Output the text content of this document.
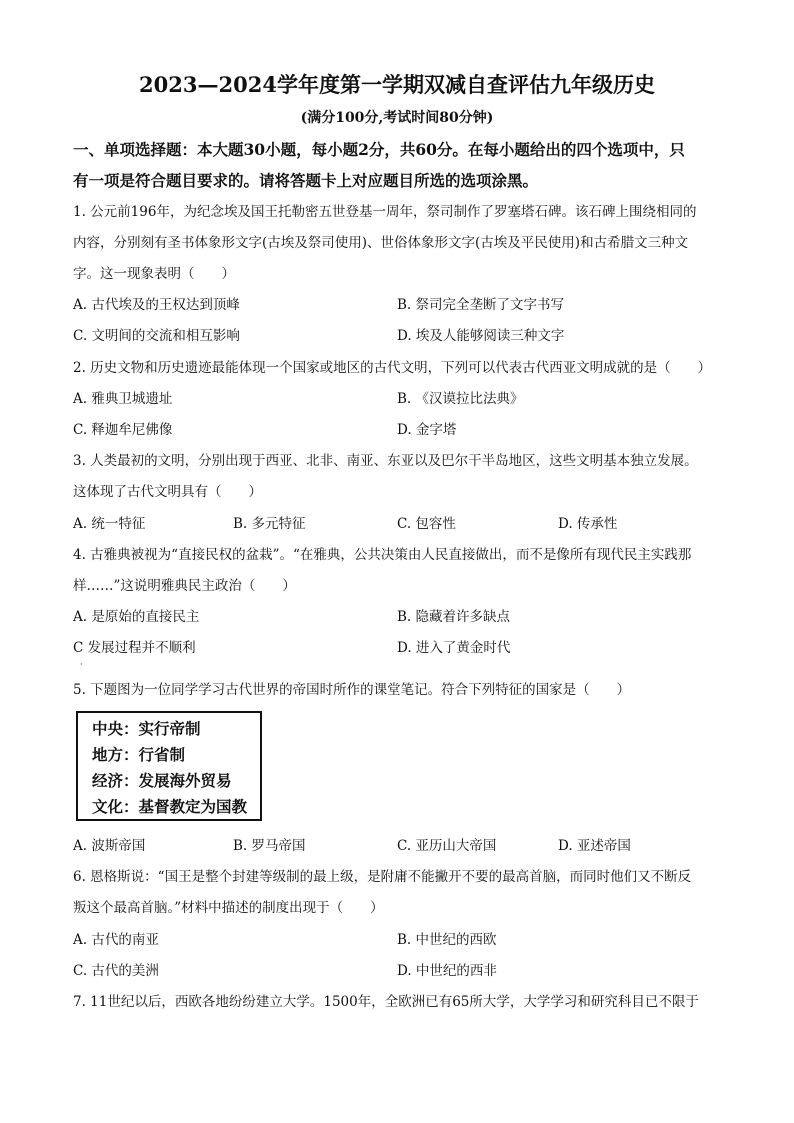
2023—2024学年度第一学期双减自查评估九年级历史
(满分100分,考试时间80分钟)
一、单项选择题：本大题30小题，每小题2分，共60分。在每小题给出的四个选项中，只
有一项是符合题目要求的。请将答题卡上对应题目所选的选项涂黑。
1. 公元前196年，为纪念埃及国王托勒密五世登基一周年，祭司制作了罗塞塔石碑。该石碑上围绕相同的
内容，分别刻有圣书体象形文字(古埃及祭司使用)、世俗体象形文字(古埃及平民使用)和古希腊文三种文
字。这一现象表明（　　）
A. 古代埃及的王权达到顶峰	B. 祭司完全垄断了文字书写
C. 文明间的交流和相互影响	D. 埃及人能够阅读三种文字
2. 历史文物和历史遗迹最能体现一个国家或地区的古代文明，下列可以代表古代西亚文明成就的是（　　）
A. 雅典卫城遗址	B. 《汉谟拉比法典》
C. 释迦牟尼佛像	D. 金字塔
3. 人类最初的文明，分别出现于西亚、北非、南亚、东亚以及巴尔干半岛地区，这些文明基本独立发展。
这体现了古代文明具有（　　）
A. 统一特征	B. 多元特征	C. 包容性	D. 传承性
4. 古雅典被视为“直接民权的盆栽”。“在雅典，公共决策由人民直接做出，而不是像所有现代民主实践那
样……”这说明雅典民主政治（　　）
A. 是原始的直接民主	B. 隐藏着许多缺点
C 发展过程并不顺利	D. 进入了黄金时代
·
5. 下题图为一位同学学习古代世界的帝国时所作的课堂笔记。符合下列特征的国家是（　　）
中央：实行帝制
地方：行省制
经济：发展海外贸易
文化：基督教定为国教
A. 波斯帝国	B. 罗马帝国	C. 亚历山大帝国	D. 亚述帝国
6. 恩格斯说：“国王是整个封建等级制的最上级，是附庸不能撇开不要的最高首脑，而同时他们又不断反
叛这个最高首脑。”材料中描述的制度出现于（　　）
A. 古代的南亚	B. 中世纪的西欧
C. 古代的美洲	D. 中世纪的西非
7. 11世纪以后，西欧各地纷纷建立大学。1500年，全欧洲已有65所大学，大学学习和研究科目已不限于
